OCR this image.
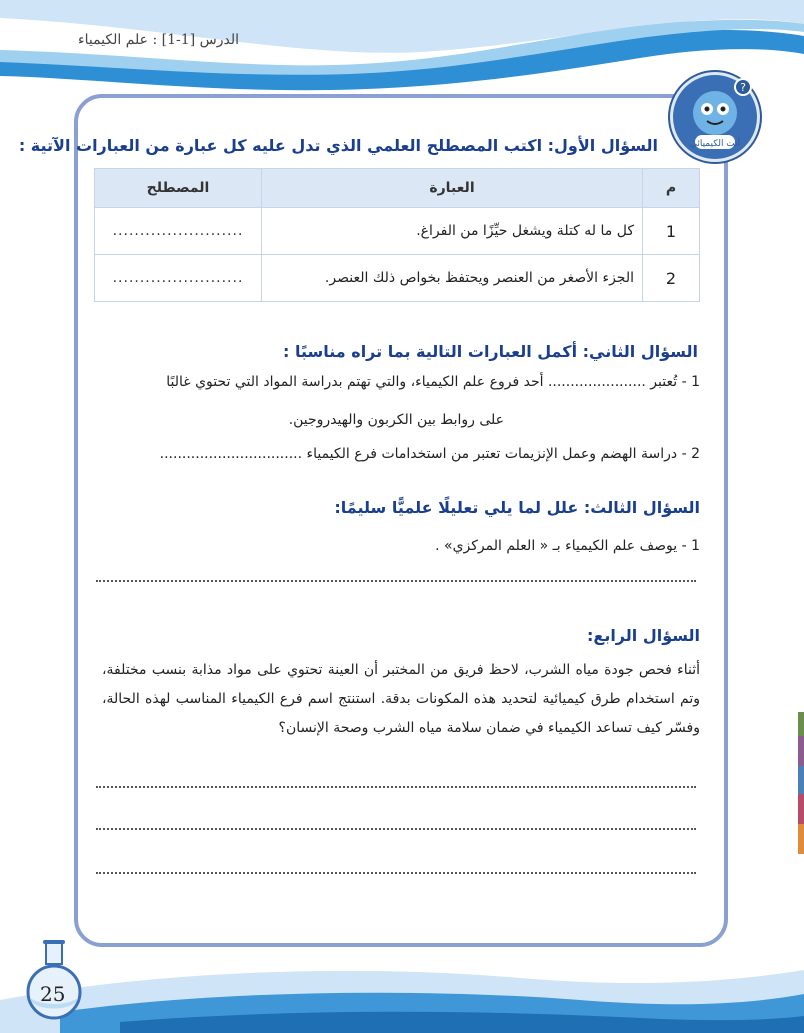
الدرس [1-1] : علم الكيمياء
أنت الكيميائي
?
السؤال الأول: اكتب المصطلح العلمي الذي تدل عليه كل عبارة من العبارات الآتية :
م	العبارة	المصطلح
1	كل ما له كتلة ويشغل حيِّزًا من الفراغ.	........................
2	الجزء الأصغر من العنصر ويحتفظ بخواص ذلك العنصر.	........................
السؤال الثاني: أكمل العبارات التالية بما تراه مناسبًا :
1 - تُعتبر ...................... أحد فروع علم الكيمياء، والتي تهتم بدراسة المواد التي تحتوي غالبًا
على روابط بين الكربون والهيدروجين.
2 - دراسة الهضم وعمل الإنزيمات تعتبر من استخدامات فرع الكيمياء ................................
السؤال الثالث: علل لما يلي تعليلًا علميًّا سليمًا:
1 - يوصف علم الكيمياء بـ « العلم المركزي» .
السؤال الرابع:
أثناء فحص جودة مياه الشرب، لاحظ فريق من المختبر أن العينة تحتوي على مواد مذابة بنسب مختلفة، وتم استخدام طرق كيميائية لتحديد هذه المكونات بدقة. استنتج اسم فرع الكيمياء المناسب لهذه الحالة، وفسّر كيف تساعد الكيمياء في ضمان سلامة مياه الشرب وصحة الإنسان؟
25
